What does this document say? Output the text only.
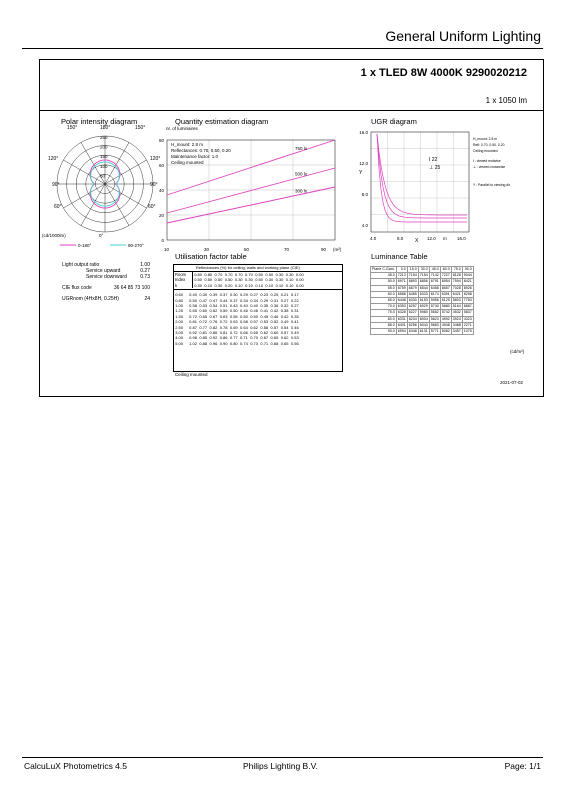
General Uniform Lighting
1 x TLED 8W 4000K 9290020212
1 x 1050 lm
Polar intensity diagram
150°	180°	150°
120°
90°
60°
120°
90°
60°
250
200
150
100
50
(cd/1000lm)	0°
0-180°	90-270°
Light output ratio	1.00
Service upward	0.27
Service downward	0.73
CIE flux code	36 64 85 73 100
UGRnom (4Hx8H, 0.25H)	24
Quantity estimation diagram
nr. of luminaires
80
60
40
20
0
H_mount: 2.8 m
Reflectances: 0.70, 0.50, 0.20
Maintenance factor: 1.0
Ceiling mounted
750 lx
500 lx
300 lx
10	30	50	70	90 (m²)
UGR diagram
16.0
12.0
8.0
4.0
Y
I 22
⊥ 25
H_mount: 2.8 m
Refl: 0.70, 0.50, 0.20
Ceiling mounted
I : viewed endwise
⊥ : viewed crosswise
Y : Parallel to viewing dir.
4.0	8.0	12.0	16.0
X	m
Utilisation factor table
Reflectances (%) for ceiling, walls and working plane (CIE)
Room
Index
k
0.80	0.80	0.70	0.70	0.70	0.70	0.50	0.50	0.30	0.30	0.00
0.50	0.50	0.50	0.50	0.30	0.30	0.50	0.30	0.30	0.10	0.00
0.30	0.10	0.30	0.20	0.10	0.10	0.10	0.10	0.10	0.10	0.00
0.60	0.40	0.30	0.39	0.37	0.30	0.29	0.27	0.23	0.25	0.21	0.17
0.80	0.50	0.47	0.47	0.44	0.37	0.34	0.34	0.29	0.31	0.27	0.22
1.00	0.58	0.53	0.54	0.51	0.43	0.40	0.40	0.35	0.36	0.32	0.27
1.25	0.65	0.60	0.62	0.59	0.50	0.46	0.46	0.41	0.42	0.38	0.31
1.50	0.72	0.65	0.67	0.63	0.55	0.50	0.50	0.45	0.46	0.42	0.35
2.00	0.81	0.72	0.76	0.72	0.63	0.58	0.57	0.53	0.52	0.49	0.41
2.50	0.87	0.77	0.82	0.78	0.69	0.64	0.62	0.58	0.57	0.54	0.46
3.00	0.92	0.81	0.86	0.81	0.72	0.66	0.65	0.62	0.60	0.57	0.49
4.00	0.98	0.85	0.92	0.86	0.77	0.71	0.70	0.67	0.65	0.62	0.53
5.00	1.02	0.88	0.96	0.90	0.80	0.74	0.73	0.71	0.68	0.65	0.56
Ceiling mounted
Luminance Table
Plane C-Gam.	0.0	15.0	30.0	45.0	60.0	75.0	90.0
45.0	7213	7154	7154	7142	7227	8128	9044
50.0	6971	6893	6856	6791	6954	7594	8421
55.0	6759	6679	6544	6458	6657	7028	8926
60.0	6588	6485	6333	6174	6391	6421	8298
65.0	6448	6330	6153	5956	6125	5803	7783
70.0	6353	6257	6029	5740	5880	5164	6887
75.0	6328	6227	5980	5652	5742	4532	5837
80.0	6331	6234	6004	5623	4992	3924	4323
85.0	6401	6256	6043	5683	4948	3488	2271
90.0	6594	6348	6131	5771	5082	3457	1075
(cd/m²)
2021-07-02
CalcuLuX Photometrics 4.5	Philips Lighting B.V.	Page: 1/1
